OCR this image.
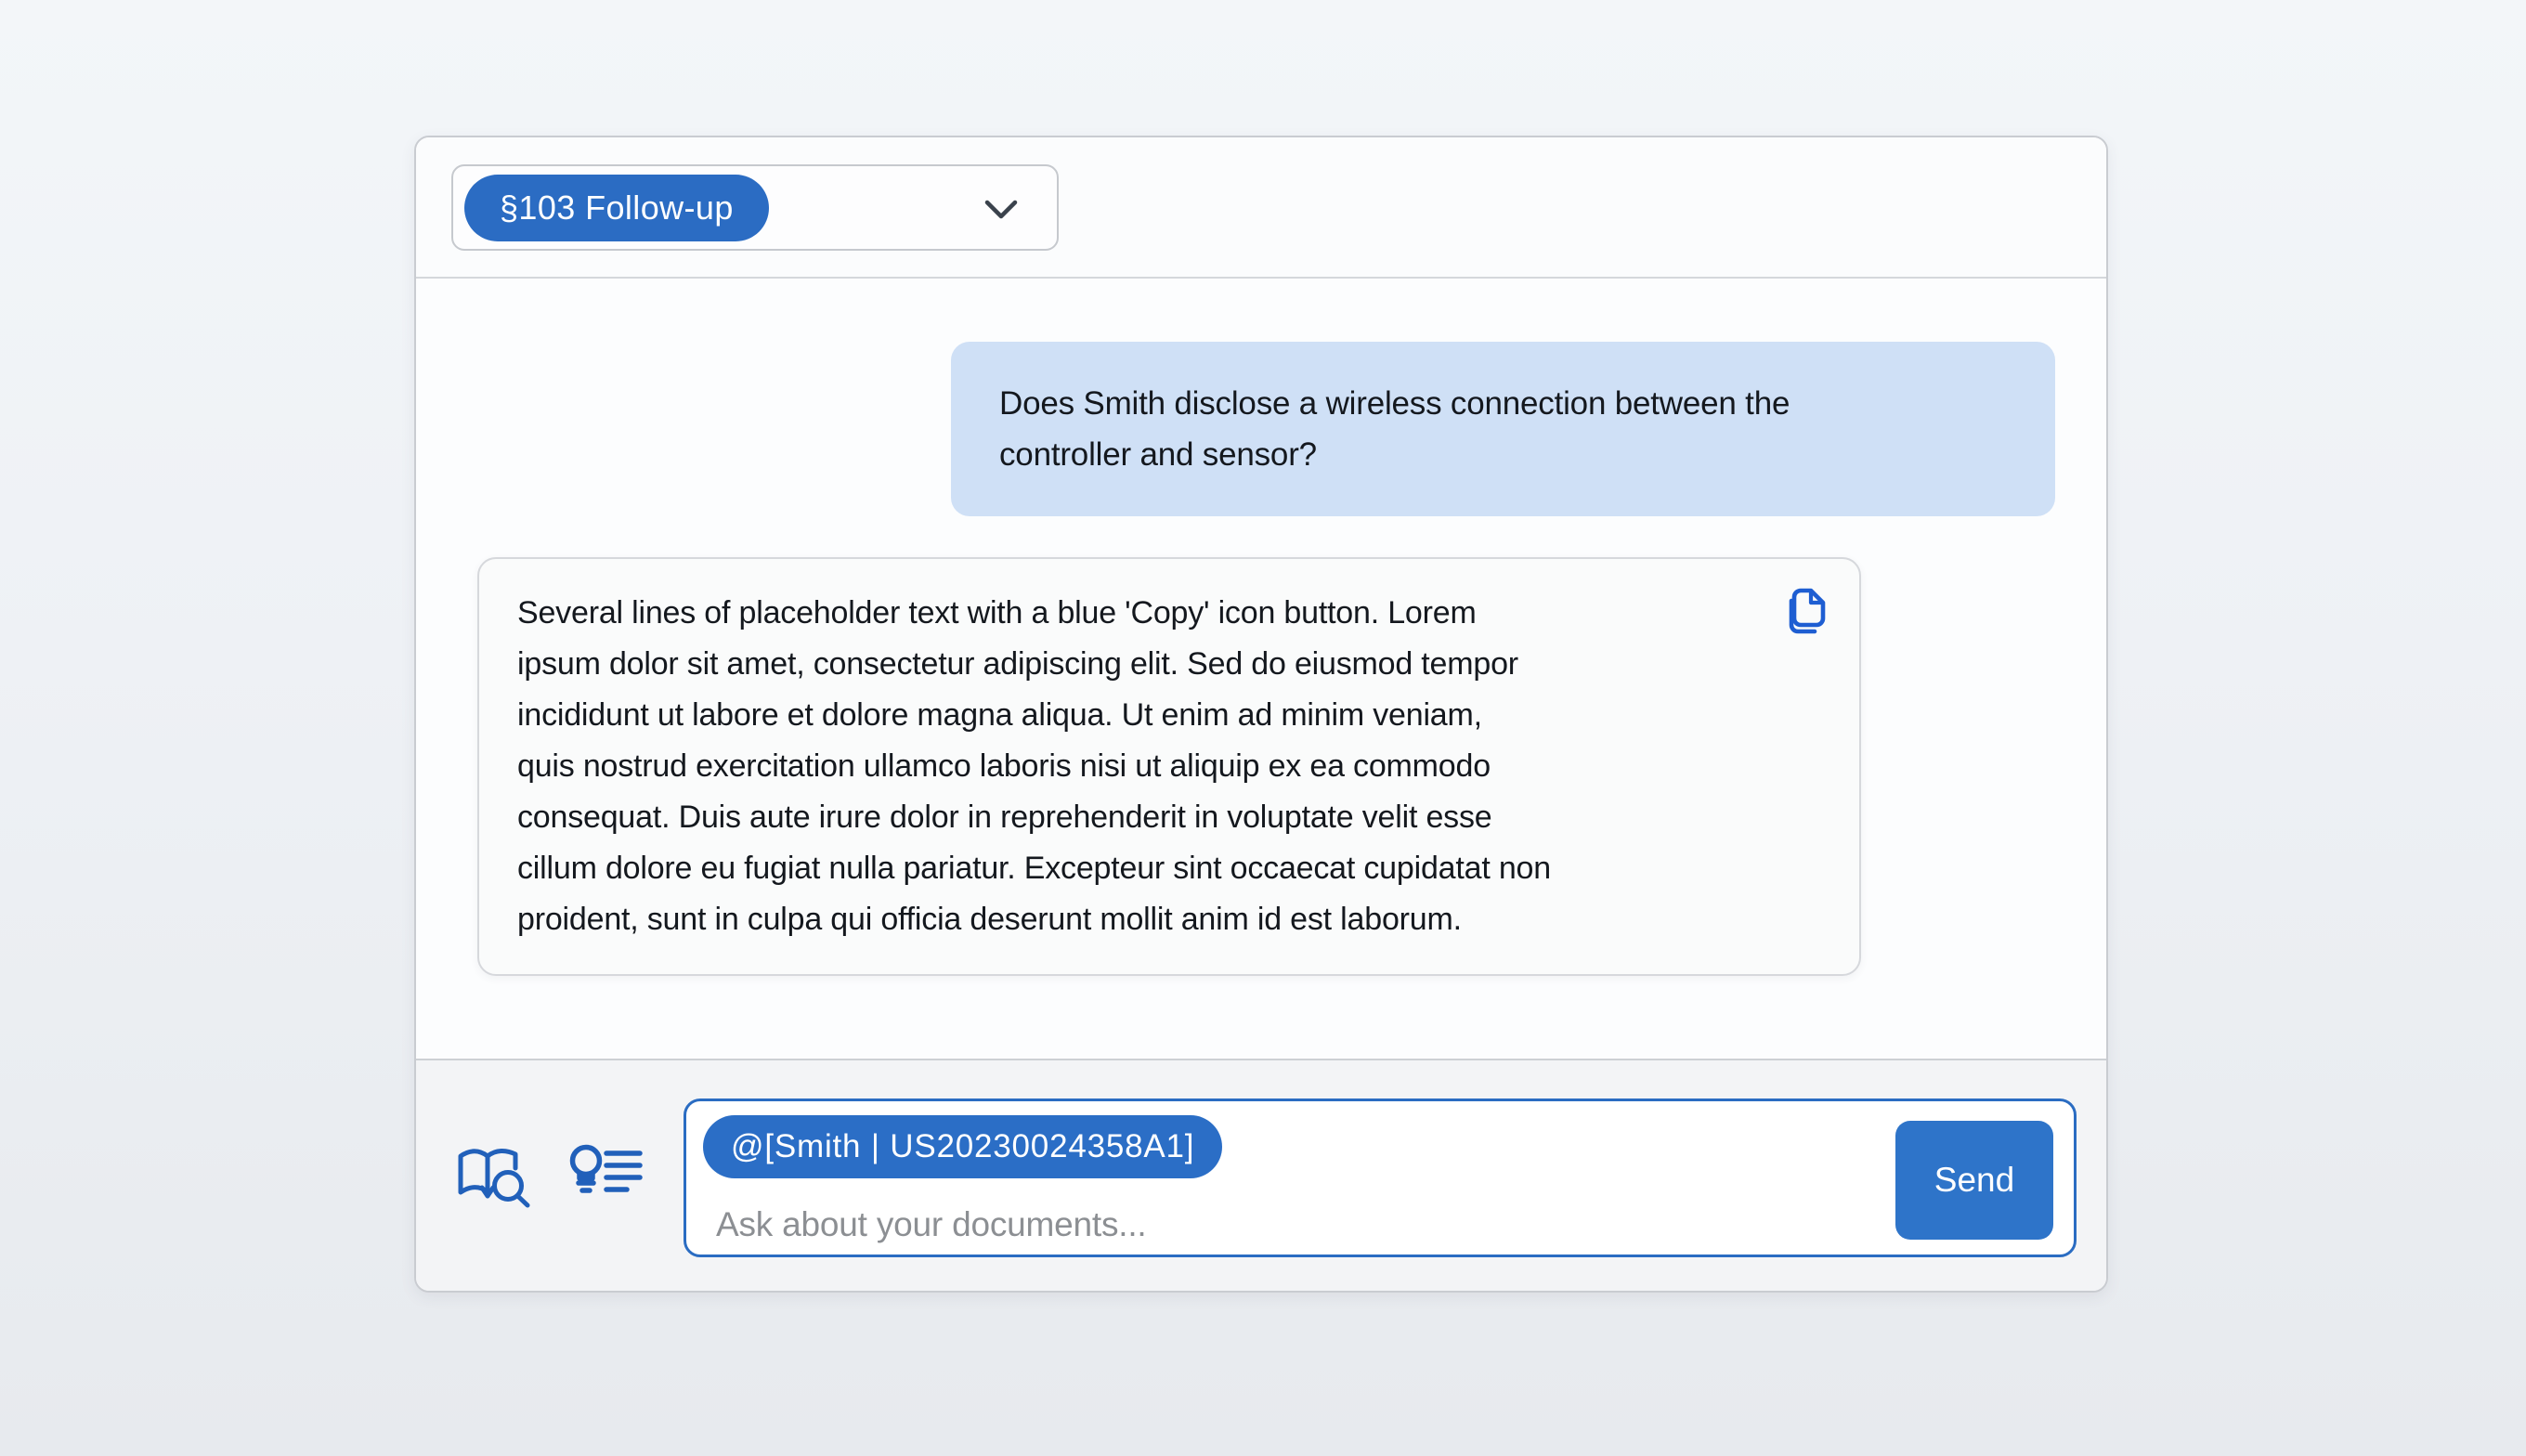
§103 Follow-up
Does Smith disclose a wireless connection between the
controller and sensor?
Several lines of placeholder text with a blue 'Copy' icon button. Lorem
ipsum dolor sit amet, consectetur adipiscing elit. Sed do eiusmod tempor
incididunt ut labore et dolore magna aliqua. Ut enim ad minim veniam,
quis nostrud exercitation ullamco laboris nisi ut aliquip ex ea commodo
consequat. Duis aute irure dolor in reprehenderit in voluptate velit esse
cillum dolore eu fugiat nulla pariatur. Excepteur sint occaecat cupidatat non
proident, sunt in culpa qui officia deserunt mollit anim id est laborum.
@[Smith | US20230024358A1]
Ask about your documents...
Send
